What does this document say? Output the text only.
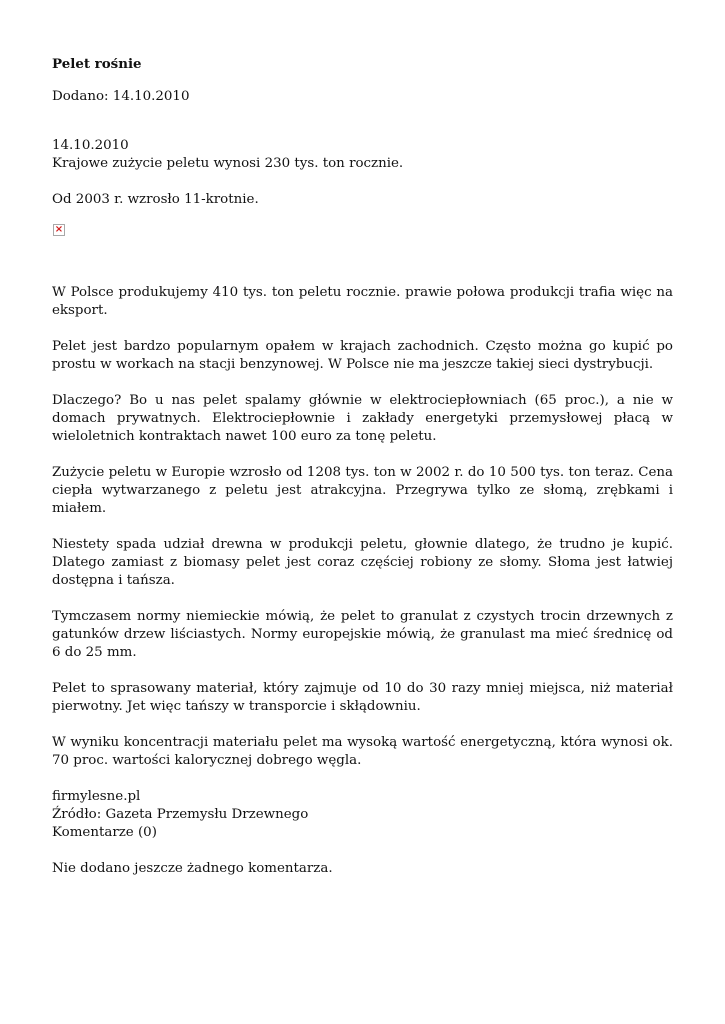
Pelet rośnie
Dodano: 14.10.2010
14.10.2010
Krajowe zużycie peletu wynosi 230 tys. ton rocznie.
Od 2003 r. wzrosło 11-krotnie.
×

W Polsce produkujemy 410 tys. ton peletu rocznie. prawie połowa produkcji trafia więc na eksport.

Pelet jest bardzo popularnym opałem w krajach zachodnich. Często można go kupić po prostu w workach na stacji benzynowej. W Polsce nie ma jeszcze takiej sieci dystrybucji.

Dlaczego? Bo u nas pelet spalamy głównie w elektrociepłowniach (65 proc.), a nie w domach prywatnych. Elektrociepłownie i zakłady energetyki przemysłowej płacą w wieloletnich kontraktach nawet 100 euro za tonę peletu.

Zużycie peletu w Europie wzrosło od 1208 tys. ton w 2002 r. do 10 500 tys. ton teraz. Cena ciepła wytwarzanego z peletu jest atrakcyjna. Przegrywa tylko ze słomą, zrębkami i miałem.

Niestety spada udział drewna w produkcji peletu, głownie dlatego, że trudno je kupić. Dlatego zamiast z biomasy pelet jest coraz częściej robiony ze słomy. Słoma jest łatwiej dostępna i tańsza.

Tymczasem normy niemieckie mówią, że pelet to granulat z czystych trocin drzewnych z gatunków drzew liściastych. Normy europejskie mówią, że granulast ma mieć średnicę od 6 do 25 mm.

Pelet to sprasowany materiał, który zajmuje od 10 do 30 razy mniej miejsca, niż materiał pierwotny. Jet więc tańszy w transporcie i skłądowniu.

W wyniku koncentracji materiału pelet ma wysoką wartość energetyczną, która wynosi ok. 70 proc. wartości kalorycznej dobrego węgla.

firmylesne.pl
Źródło: Gazeta Przemysłu Drzewnego
Komentarze (0)
Nie dodano jeszcze żadnego komentarza.
